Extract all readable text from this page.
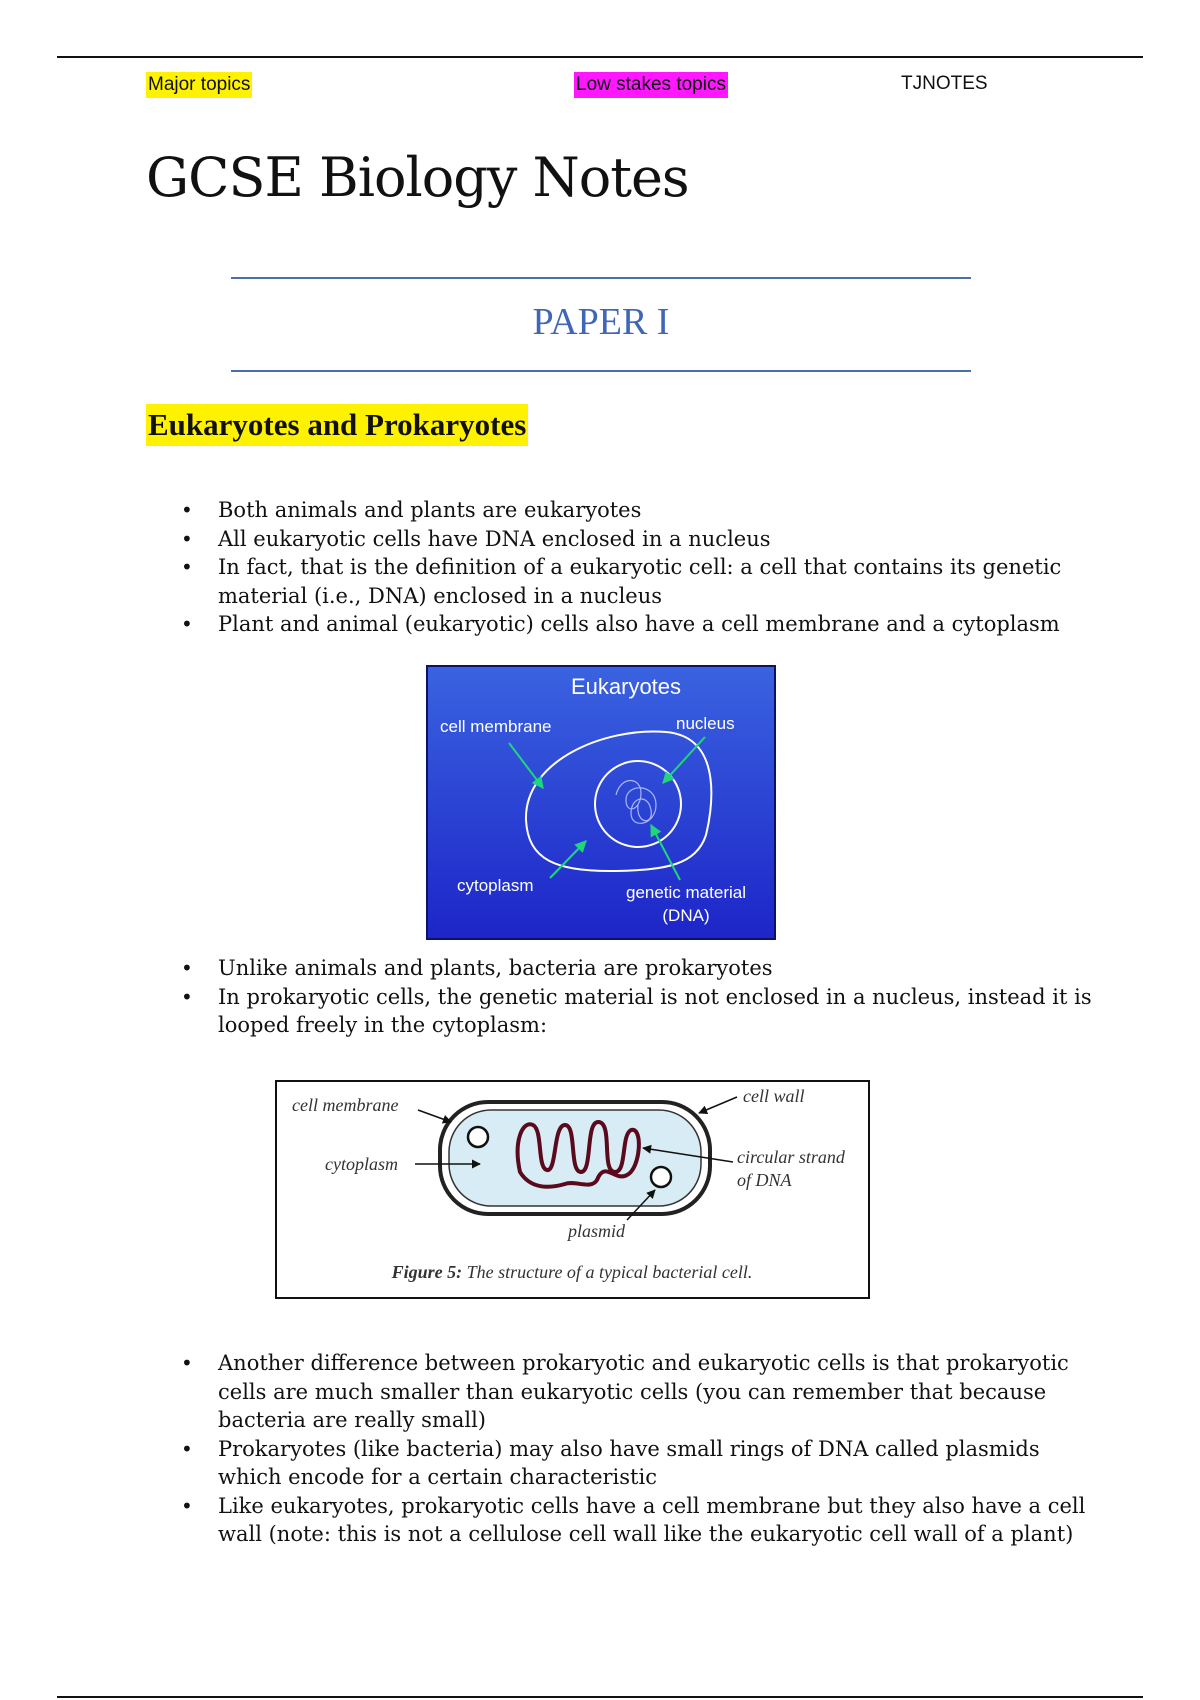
Major topics	Low stakes topics	TJNOTES
GCSE Biology Notes
PAPER I
Eukaryotes and Prokaryotes
• Both animals and plants are eukaryotes
• All eukaryotic cells have DNA enclosed in a nucleus
• In fact, that is the definition of a eukaryotic cell: a cell that contains its genetic material (i.e., DNA) enclosed in a nucleus
• Plant and animal (eukaryotic) cells also have a cell membrane and a cytoplasm
Eukaryotes
cell membrane	nucleus
cytoplasm	genetic material
(DNA)
• Unlike animals and plants, bacteria are prokaryotes
• In prokaryotic cells, the genetic material is not enclosed in a nucleus, instead it is looped freely in the cytoplasm:
cell membrane	cell wall
cytoplasm	circular strand
of DNA
plasmid
Figure 5: The structure of a typical bacterial cell.
• Another difference between prokaryotic and eukaryotic cells is that prokaryotic cells are much smaller than eukaryotic cells (you can remember that because bacteria are really small)
• Prokaryotes (like bacteria) may also have small rings of DNA called plasmids which encode for a certain characteristic
• Like eukaryotes, prokaryotic cells have a cell membrane but they also have a cell wall (note: this is not a cellulose cell wall like the eukaryotic cell wall of a plant)
